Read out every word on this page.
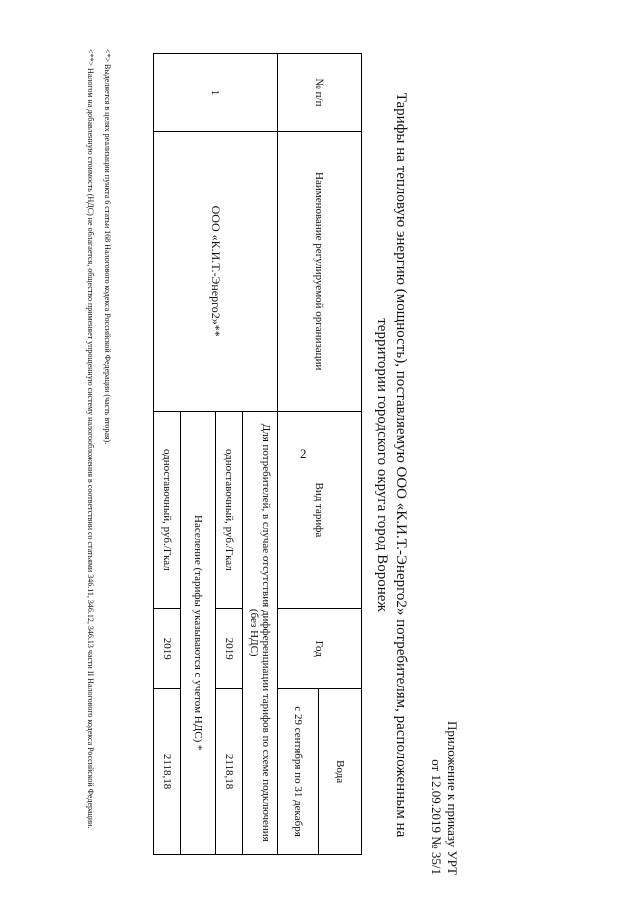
2
Приложение к приказу УРТ
от 12.09.2019 № 35/1
Тарифы на тепловую энергию (мощность), поставляемую ООО «К.И.Т.-Энерго2» потребителям, расположенным на
территории городского округа город Воронеж
№ п/п	Наименование регулируемой организации	Вид тарифа	Год	Вода
				с 29 сентября по 31 декабря
1	ООО «К.И.Т.-Энерго2»**	Для потребителей, в случае отсутствия дифференциации тарифов по схеме подключения (без НДС)		
		одноставочный, руб./Гкал	2019	2118,18
		Население (тарифы указываются с учетом НДС) *		
		одноставочный, руб./Гкал	2019	2118,18

<*> Выделяется в целях реализации пункта 6 статьи 168 Налогового кодекса Российской Федерации (часть вторая).

<**> Налогом на добавленную стоимость (НДС) не облагается, общество применяет упрощенную систему налогообложения в соответствии со статьями 346.11, 346.12, 346.13 части II Налогового кодекса Российской Федерации.
